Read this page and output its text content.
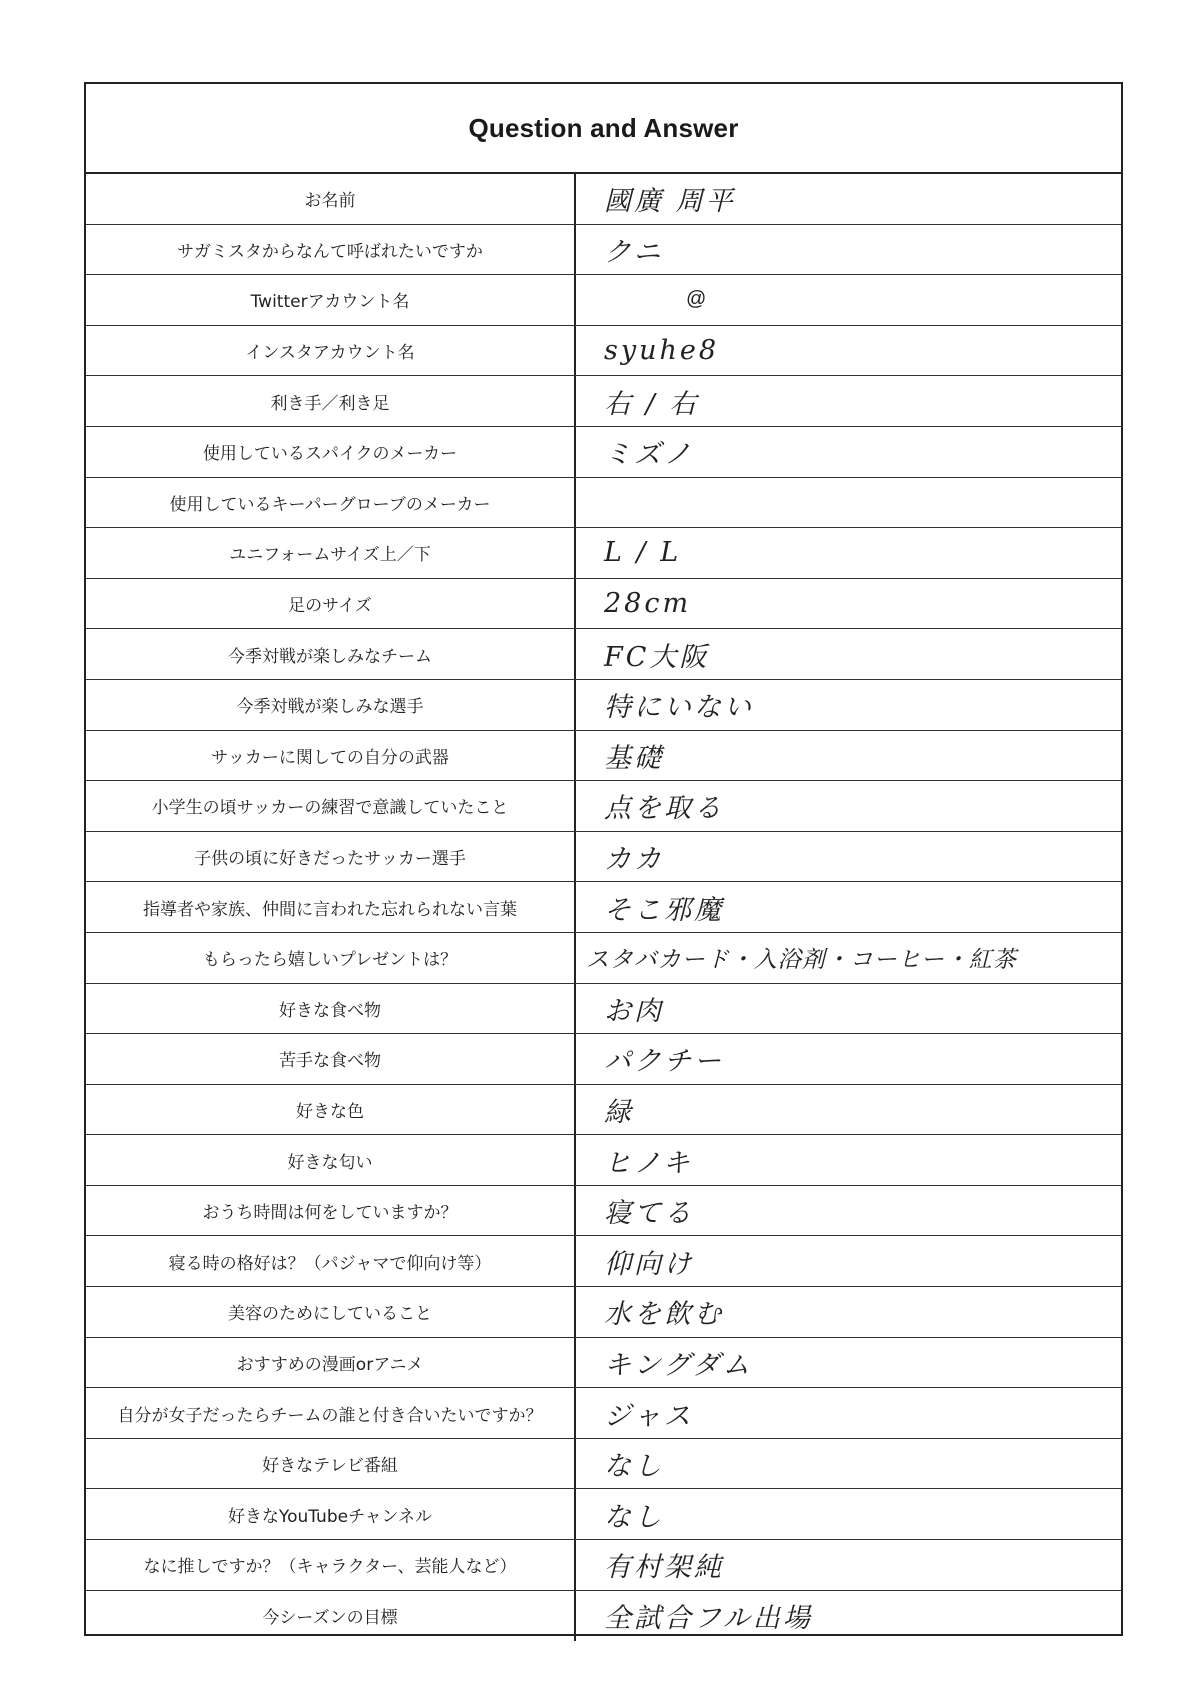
Question and Answer
お名前	國廣 周平
サガミスタからなんて呼ばれたいですか	クニ
Twitterアカウント名	@
インスタアカウント名	syuhe8
利き手／利き足	右 / 右
使用しているスパイクのメーカー	ミズノ
使用しているキーパーグローブのメーカー
ユニフォームサイズ上／下	L / L
足のサイズ	28cm
今季対戦が楽しみなチーム	FC大阪
今季対戦が楽しみな選手	特にいない
サッカーに関しての自分の武器	基礎
小学生の頃サッカーの練習で意識していたこと	点を取る
子供の頃に好きだったサッカー選手	カカ
指導者や家族、仲間に言われた忘れられない言葉	そこ邪魔
もらったら嬉しいプレゼントは？	スタバカード・入浴剤・コーヒー・紅茶
好きな食べ物	お肉
苦手な食べ物	パクチー
好きな色	緑
好きな匂い	ヒノキ
おうち時間は何をしていますか？	寝てる
寝る時の格好は？（パジャマで仰向け等）	仰向け
美容のためにしていること	水を飲む
おすすめの漫画orアニメ	キングダム
自分が女子だったらチームの誰と付き合いたいですか？	ジャス
好きなテレビ番組	なし
好きなYouTubeチャンネル	なし
なに推しですか？（キャラクター、芸能人など）	有村架純
今シーズンの目標	全試合フル出場
